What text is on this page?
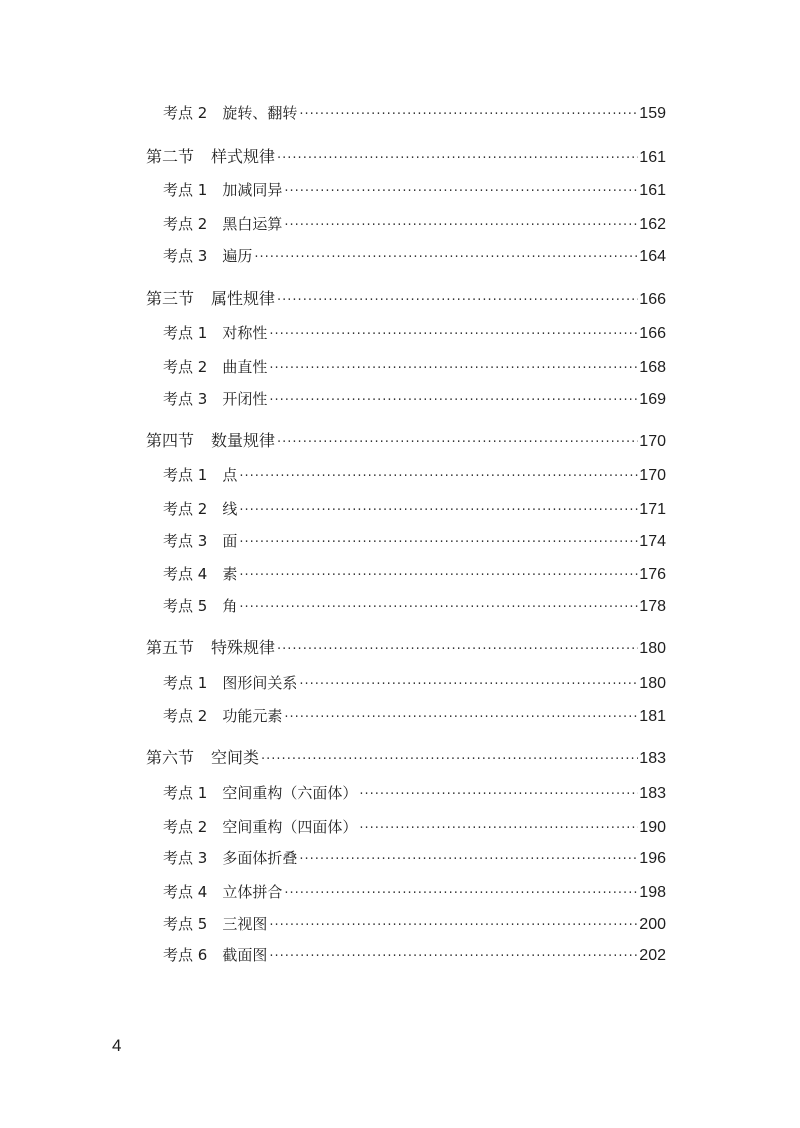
考点 2 旋转、翻转 ·····	159
第二节 样式规律 ·····	161
考点 1 加减同异 ·····	161
考点 2 黑白运算 ·····	162
考点 3 遍历 ·····	164
第三节 属性规律 ·····	166
考点 1 对称性 ·····	166
考点 2 曲直性 ·····	168
考点 3 开闭性 ·····	169
第四节 数量规律 ·····	170
考点 1 点 ·····	170
考点 2 线 ·····	171
考点 3 面 ·····	174
考点 4 素 ·····	176
考点 5 角 ·····	178
第五节 特殊规律 ·····	180
考点 1 图形间关系 ·····	180
考点 2 功能元素 ·····	181
第六节 空间类 ·····	183
考点 1 空间重构（六面体） ·····	183
考点 2 空间重构（四面体） ·····	190
考点 3 多面体折叠 ·····	196
考点 4 立体拼合 ·····	198
考点 5 三视图 ·····	200
考点 6 截面图 ·····	202
4
